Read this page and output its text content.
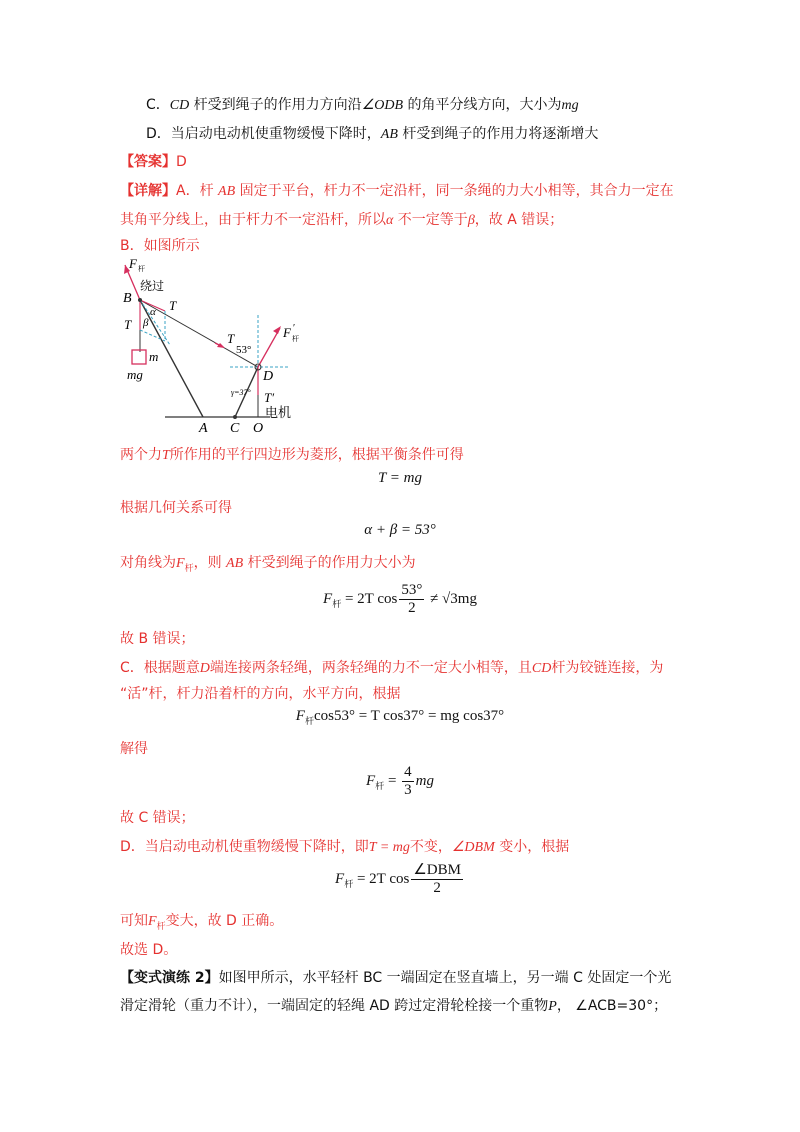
C．CD 杆受到绳子的作用力方向沿∠ODB 的角平分线方向，大小为mg
D．当启动电动机使重物缓慢下降时，AB 杆受到绳子的作用力将逐渐增大
【答案】D
【详解】A．杆 AB 固定于平台，杆力不一定沿杆，同一条绳的力大小相等，其合力一定在
其角平分线上，由于杆力不一定沿杆，所以α 不一定等于β，故 A 错误；
B．如图所示
F 杆
B
绕过
T
T
α
β
m
mg
T
53°
F ′
杆
D
γ=37° T′
电机
A C O
两个力T所作用的平行四边形为菱形，根据平衡条件可得
T = mg
根据几何关系可得
α + β = 53°
对角线为$F_杆$，则 AB 杆受到绳子的作用力大小为
$F_杆 = 2T$ $\cos \frac{53^\circ}{2} \ne √3mg$
故 B 错误；
C．根据题意D端连接两条轻绳，两条轻绳的力不一定大小相等，且CD杆为铰链连接，为
“活”杆，杆力沿着杆的方向，水平方向，根据
$F_杆\cos 53^\circ = T$ cos37° = mg cos37°
解得
$F_杆 = \frac{4}{3}$ mg
故 C 错误；
D．当启动电动机使重物缓慢下降时，即T = mg不变，∠DBM 变小，根据
$F_杆 = 2T$ $\cos \frac{\text{∠DBM}}{2}$
可知$F_杆$变大，故 D 正确。
故选 D。
【变式演练 2】如图甲所示，水平轻杆 BC 一端固定在竖直墙上，另一端 C 处固定一个光
滑定滑轮（重力不计），一端固定的轻绳 AD 跨过定滑轮栓接一个重物P， ∠ACB=30°；
